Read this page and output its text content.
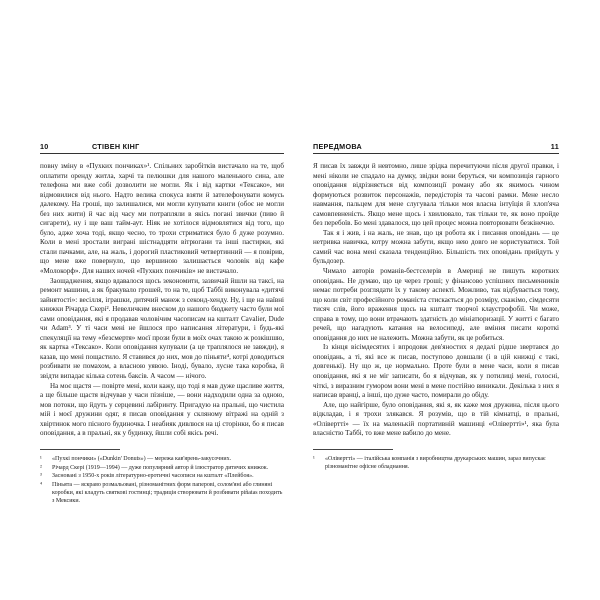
10	СТІВЕН КІНГ

повну зміну в «Пухких пончиках»¹. Спільних заробітків вистачало на те, щоб оплатити оренду житла, харчі та пелюшки для нашого маленького сина, але телефона ми вже собі дозволити не могли. Як і від картки «Тексако», ми відмовилися від нього. Надто велика спокуса взяти й зателефонувати комусь далекому. На гроші, що залишалися, ми могли купувати книги (обоє не могли без них жити) й час від часу ми потрапляли в якісь погані звички (пиво й сигарети), ну і ще ваш тайм-аут. Ніяк не хотілося відмовлятися від того, що було, адже хоча тоді, якщо чесно, то трохи стриматися було б дуже розумно. Коли в мені зростали виграні шістнадцяти вітрюгани та інші пастирки, які стали пачками, але, на жаль, і дорогий пластиковий четвертинний — я повірив, що мене вже повернуло, що вершиною залишається чоловік від кафе «Молокорф». Для наших ночей «Пухких пончиків» не вистачало.

Заощадження, якщо вдавалося щось зекономити, зазвичай йшли на таксі, на ремонт машини, а як бракувало грошей, то на те, щоб Таббі виконувала «дитячі зайнятості»: весілля, іграшки, дитячий манеж з секонд-хенду. Ну, і ще на наївні книжки Річарда Скері². Невеличким внеском до нашого бюджету часто були мої сами оповідання, які я продавав чоловічим часописам на кшталт Cavalier, Dude чи Adam³. У ті часи мені не йшлося про написання літератури, і будь-які спекуляції на тему «безсмертя» моєї прози були в моїх очах такою ж розкішшю, як картка «Тексако». Коли оповідання купували (а це траплялося не завжди), я казав, що мені пощастило. Я ставився до них, мов до піньяти⁴, котрі доводиться розбивати не помахом, а власною уявою. Іноді, бувало, лусне така коробка, й звідти випадає кілька сотень баксів. А часом — нічого.

На моє щастя — повірте мені, коли кажу, що тоді я мав дуже щасливе життя, а ще більше щастя відчував у часи пізніше, — вони надходили одна за одною, мов потоки, що йдуть у серцевині лабіринту. Пригадую на пральні, що чистила мій і моєї дружини одяг, я писав оповідання у скляному вітражі на одній з хвіртинок мого пісного будиночка. І неабияк дивлюся на ці сторінки, бо я писав оповідання, а в пральні, як у будинку, йшли собі якісь речі.

¹ «Пухкі пончики» («Dunkin' Donuts») — мережа кав'ярень-закусочних.
² Річард Скері (1919—1994) — дуже популярний автор й ілюстратор дитячих книжок.
³ Засновані з 1950-х років літературно-еротичні часописи на кшталт «Плейбоя».
⁴ Піньята — яскраво розмальовані, різноманітних форм паперові, солом'яні або глиняні коробки, які кладуть святкові гостинці; традиція створювати й розбивати piñatas походить з Мексики.
ПЕРЕДМОВА	11

Я писав їх завжди й невтомно, лише зрідка перечитуючи після другої правки, і мені ніколи не спадало на думку, звідки вони беруться, чи композиція гарного оповідання відрізняється від композиції роману або як якимось чином формуються розвиток персонажів, передісторія та часові рамки. Мене несло навмання, пальцем для мене слугувала тільки моя власна інтуїція й хлоп'яча самовпевненість. Якщо мене щось і хвилювало, так тільки те, як воно пройде без перебоїв. Бо мені здавалося, що цей процес можна повторювати безкінечно.

Так я і жив, і на жаль, не знав, що ця робота як і писання оповідань — це нетривка навичка, котру можна забути, якщо нею довго не користуватися. Той самий час вона мені сказала тенденційно. Більшість тих оповідань прийдуть у бульдозер.

Чимало авторів романів-бестселерів в Америці не пишуть коротких оповідань. Не думаю, що це через гроші; у фінансово успішних письменників немає потреби розглядати їх у такому аспекті. Можливо, так відбувається тому, що коли світ професійного романіста стискається до розміру, скажімо, сімдесяти тисяч слів, його враження щось на кшталт творчої клаустрофобії. Чи може, справа в тому, що вони втрачають здатність до мініатюризації. У житті є багато речей, що нагадують катання на велосипеді, але вміння писати короткі оповідання до них не належить. Можна забути, як це робиться.

Із кінця вісімдесятих і впродовж дев'яностих я дедалі рідше звертався до оповідань, а ті, які все ж писав, поступово довшали (і в цій книжці є такі, довгенькі). Ну що ж, це нормально. Проте були в мене часи, коли я писав оповідання, які я не міг записати, бо я відчував, як у потилиці мені, голосні, чіткі, з виразним гумором вони мені в мене постійно виникали. Декілька з них я написав вранці, а інші, що дуже часто, помирали до обіду.

Але, що найгірше, було оповідання, які я, як каже моя дружина, після цього відкладав, і я трохи злякався. Я розумів, що в тій кімнатці, в пральні, «Олівертті» — їх на маленькій портативній машинці «Олівертті»¹, яка була власністю Таббі, то вже мене вабило до мене.

¹ «Олівертті» — італійська компанія з виробництва друкарських машин, зараз випускає різноманітне офісне обладнання.
